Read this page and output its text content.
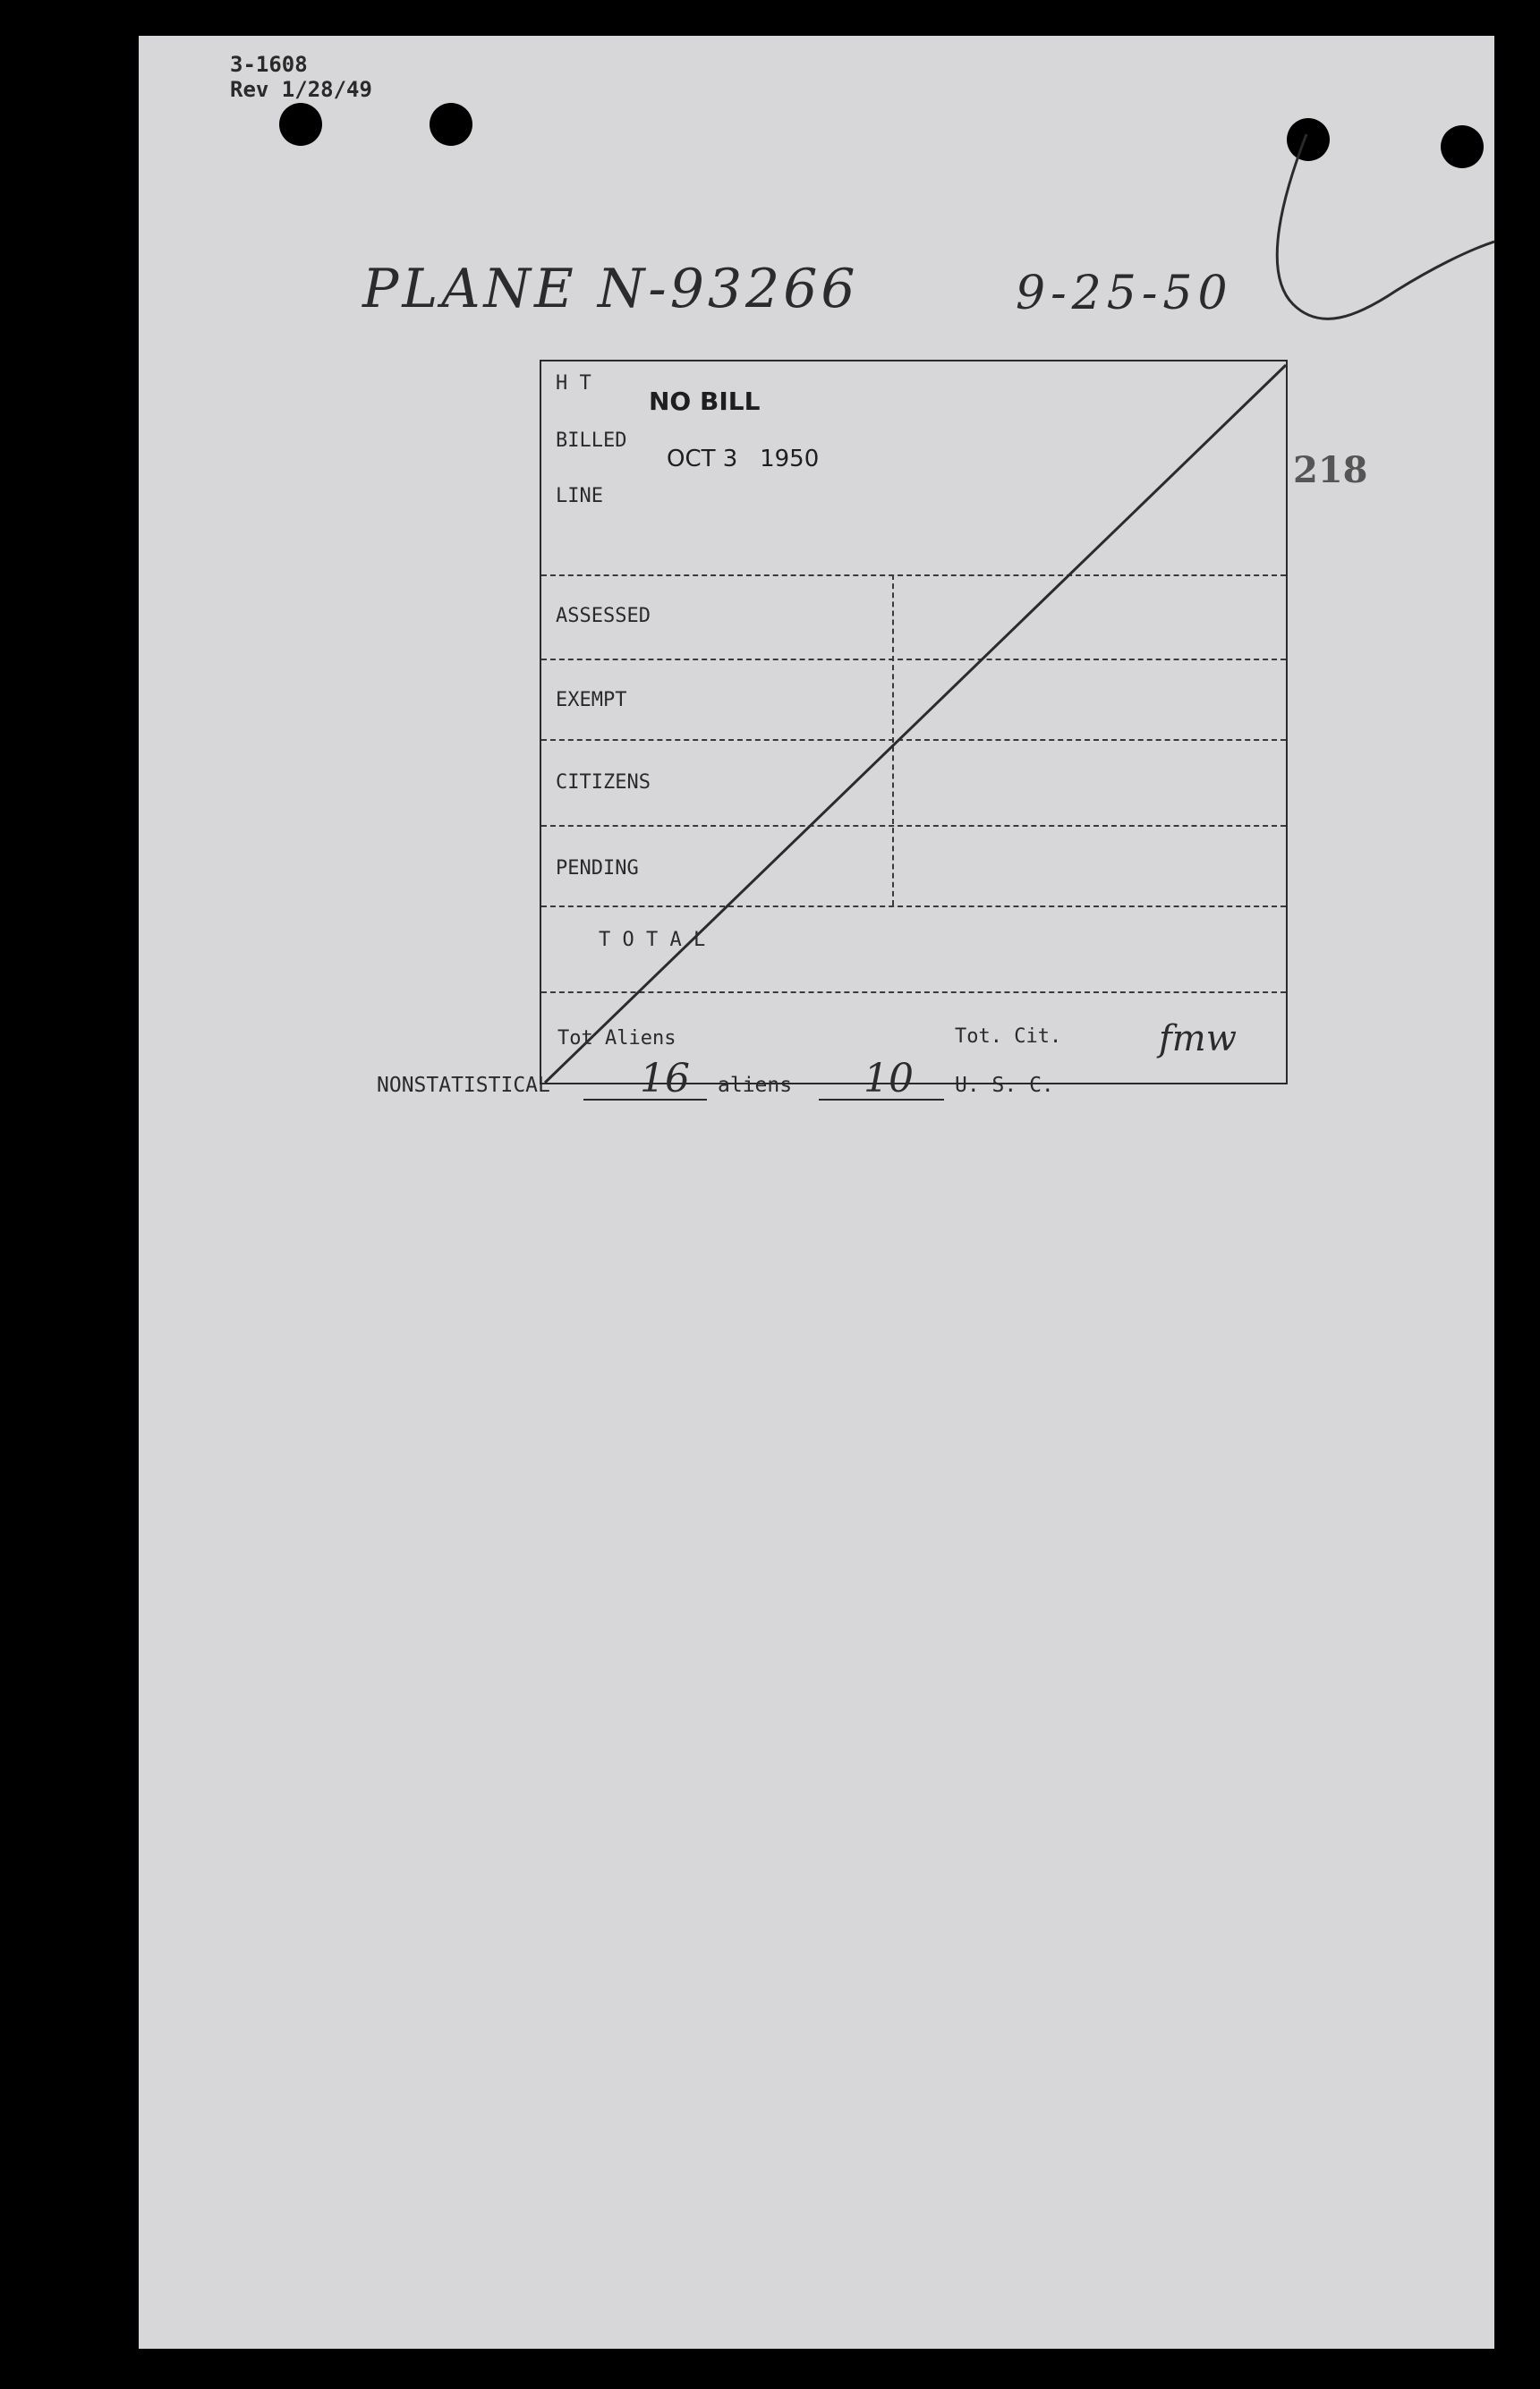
3-1608
Rev 1/28/49
PLANE N-93266	9-25-50
218
H T
NO BILL
BILLED
OCT 3   1950
LINE
ASSESSED
EXEMPT
CITIZENS
PENDING
T O T A L
Tot Aliens	Tot. Cit.	fmw
NONSTATISTICAL 16 aliens 10 U. S. C.
